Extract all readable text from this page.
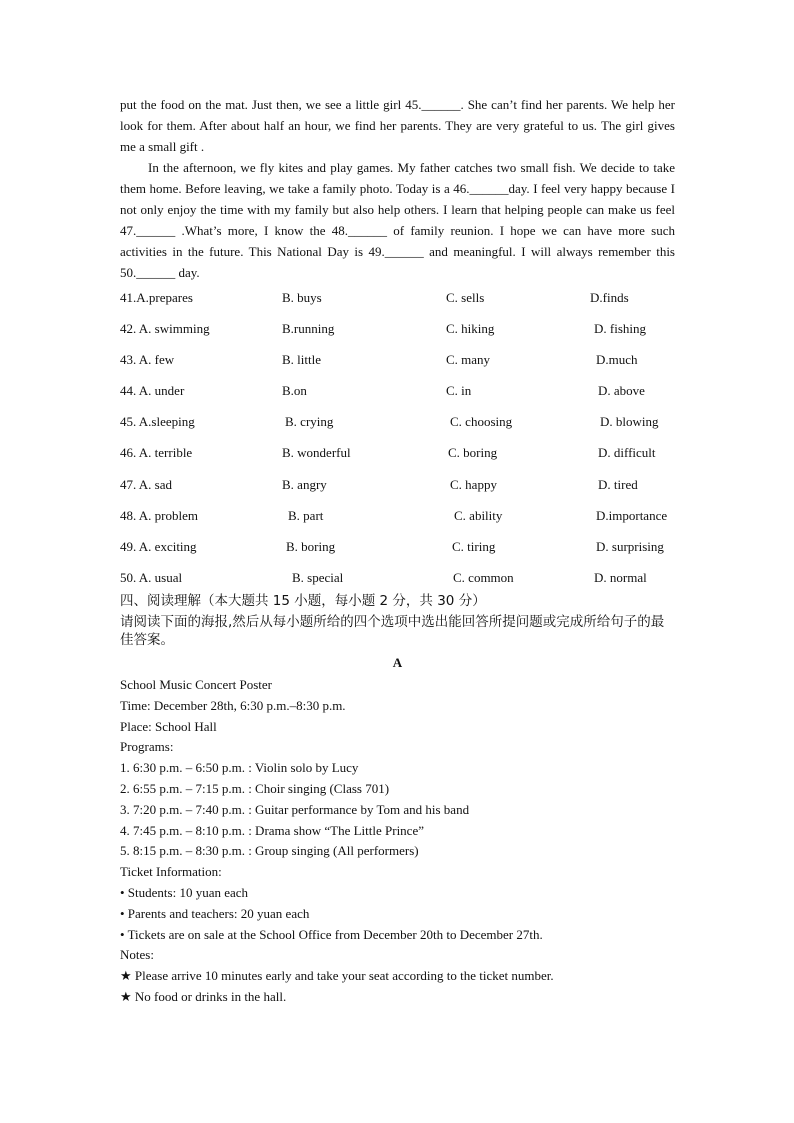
put the food on the mat. Just then, we see a little girl 45.______. She can’t find her parents. We help her look for them. After about half an hour, we find her parents. They are very grateful to us. The girl gives me a small gift .

In the afternoon, we fly kites and play games. My father catches two small fish. We decide to take them home. Before leaving, we take a family photo. Today is a 46.______day. I feel very happy because I not only enjoy the time with my family but also help others. I learn that helping people can make us feel 47.______ .What’s more, I know the 48.______ of family reunion. I hope we can have more such activities in the future. This National Day is 49.______ and meaningful. I will always remember this 50.______ day.

41.A.prepares	B. buys	C. sells	D.finds
42. A. swimming	B.running	C. hiking	D. fishing
43. A. few	B. little	C. many	D.much
44. A. under	B.on	C. in	D. above
45. A.sleeping	B. crying	C. choosing	D. blowing
46. A. terrible	B. wonderful	C. boring	D. difficult
47. A. sad	B. angry	C. happy	D. tired
48. A. problem	B. part	C. ability	D.importance
49. A. exciting	B. boring	C. tiring	D. surprising
50. A. usual	B. special	C. common	D. normal

四、阅读理解（本大题共 15 小题，每小题 2 分，共 30 分）

请阅读下面的海报,然后从每小题所给的四个选项中选出能回答所提问题或完成所给句子的最佳答案。

A

School Music Concert Poster

Time: December 28th, 6:30 p.m.–8:30 p.m.

Place: School Hall

Programs:

1. 6:30 p.m. – 6:50 p.m. : Violin solo by Lucy

2. 6:55 p.m. – 7:15 p.m. : Choir singing (Class 701)

3. 7:20 p.m. – 7:40 p.m. : Guitar performance by Tom and his band

4. 7:45 p.m. – 8:10 p.m. : Drama show “The Little Prince”

5. 8:15 p.m. – 8:30 p.m. : Group singing (All performers)

Ticket Information:

• Students: 10 yuan each

• Parents and teachers: 20 yuan each

• Tickets are on sale at the School Office from December 20th to December 27th.

Notes:

★ Please arrive 10 minutes early and take your seat according to the ticket number.

★ No food or drinks in the hall.
